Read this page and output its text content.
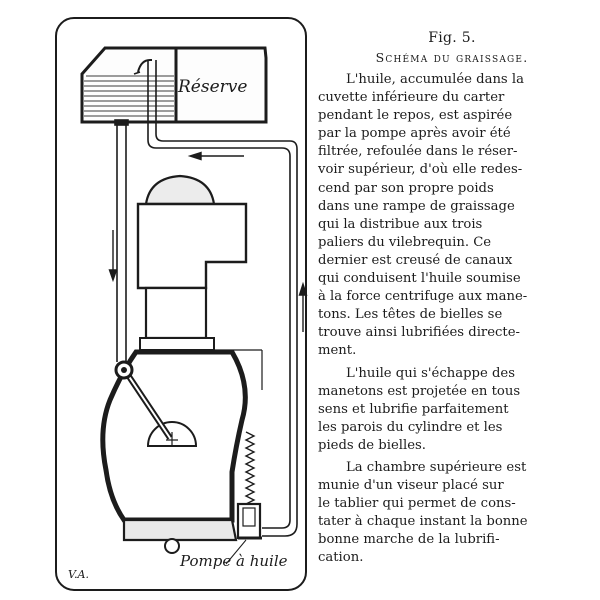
Réserve
Pompe à huile
V.A.
Fig. 5.
Schéma du graissage.
L'huile, accumulée dans la
cuvette inférieure du carter
pendant le repos, est aspirée
par la pompe après avoir été
filtrée, refoulée dans le réser-
voir supérieur, d'où elle redes-
cend par son propre poids
dans une rampe de graissage
qui la distribue aux trois
paliers du vilebrequin. Ce
dernier est creusé de canaux
qui conduisent l'huile soumise
à la force centrifuge aux mane-
tons. Les têtes de bielles se
trouve ainsi lubrifiées directe-
ment.
L'huile qui s'échappe des
manetons est projetée en tous
sens et lubrifie parfaitement
les parois du cylindre et les
pieds de bielles.
La chambre supérieure est
munie d'un viseur placé sur
le tablier qui permet de cons-
tater à chaque instant la bonne
bonne marche de la lubrifi-
cation.
